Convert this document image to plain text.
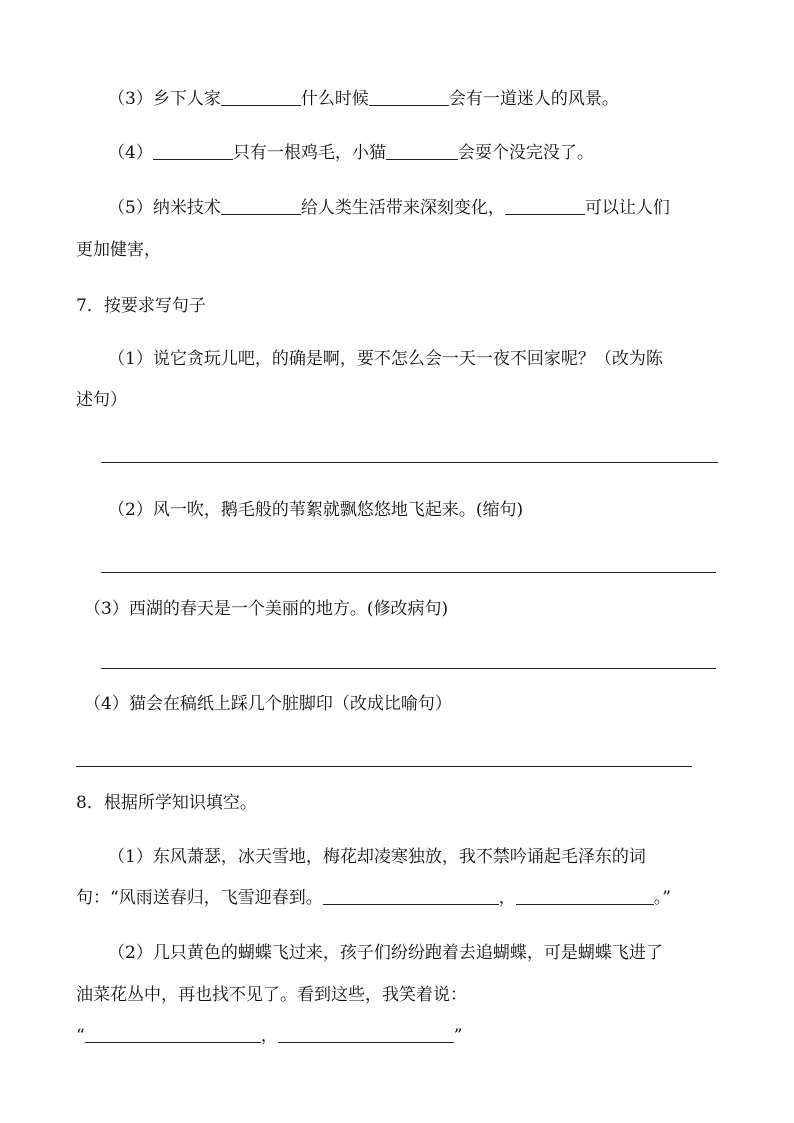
（3）乡下人家	什么时候	会有一道迷人的风景。
（4）	只有一根鸡毛，小猫	会耍个没完没了。
（5）纳米技术	给人类生活带来深刻变化，	可以让人们
更加健害，
7．按要求写句子
（1）说它贪玩儿吧，的确是啊，要不怎么会一天一夜不回家呢？（改为陈
述句）
（2）风一吹，鹅毛般的苇絮就飘悠悠地飞起来。(缩句)
（3）西湖的春天是一个美丽的地方。(修改病句)
（4）猫会在稿纸上踩几个脏脚印（改成比喻句）
8．根据所学知识填空。
（1）东风萧瑟，冰天雪地，梅花却凌寒独放，我不禁吟诵起毛泽东的词
句：“风雨送春归，飞雪迎春到。	，	。”
（2）几只黄色的蝴蝶飞过来，孩子们纷纷跑着去追蝴蝶，可是蝴蝶飞进了
油菜花丛中，再也找不见了。看到这些，我笑着说：
“	，	”
